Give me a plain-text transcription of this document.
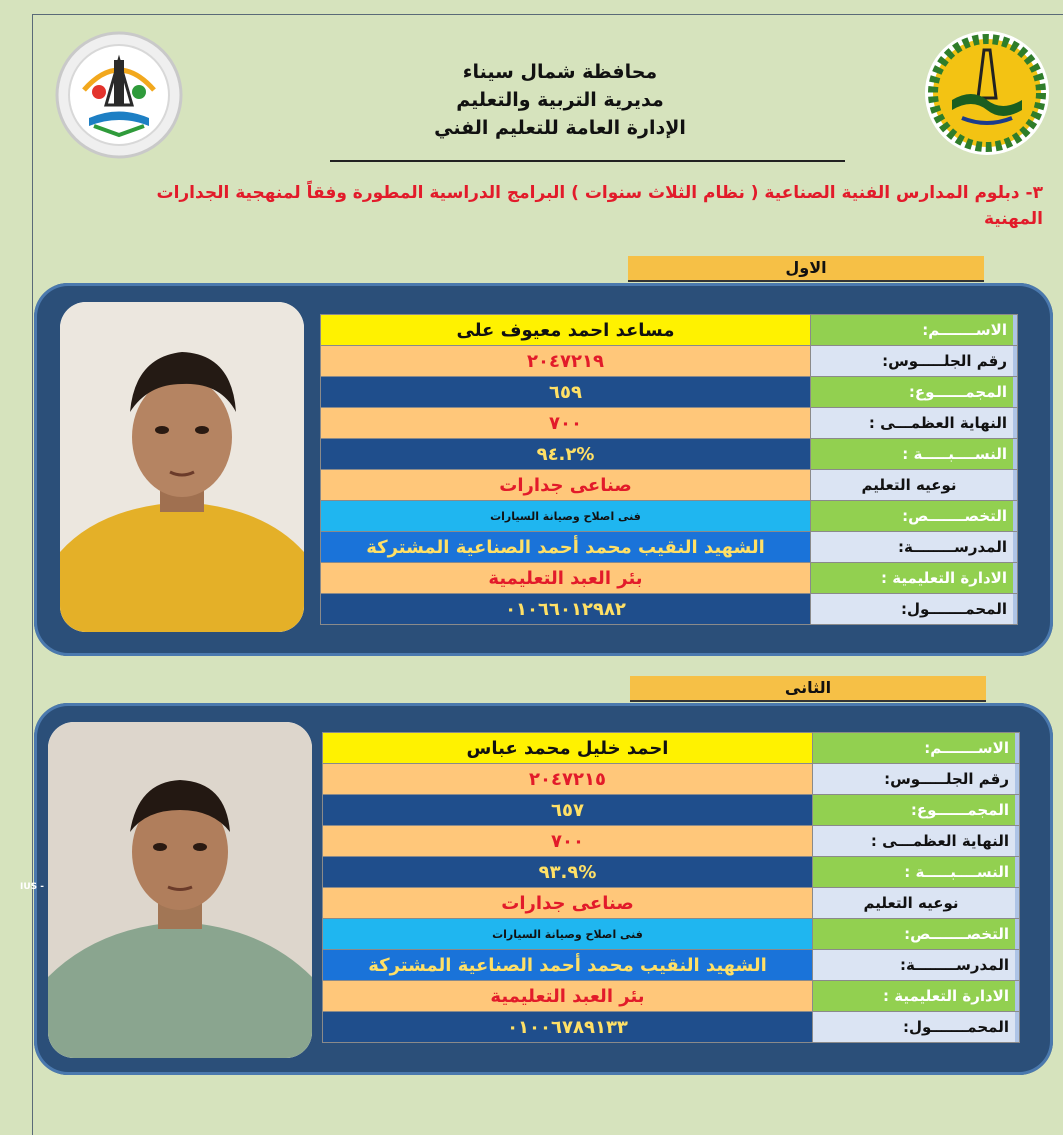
محافظة شمال سيناء
مديرية التربية والتعليم
الإدارة العامة للتعليم الفني
٣- دبلوم المدارس الفنية الصناعية ( نظام الثلاث سنوات ) البرامج الدراسية المطورة وفقاً لمنهجية الجدارات المهنية
الاول
الاســـــــم:	مساعد احمد معيوف على
رقم الجلـــــوس:	٢٠٤٧٢١٩
المجمــــــوع:	٦٥٩
النهاية العظمـــى :	٧٠٠
النســــبـــــة :	%٩٤.٢
نوعيه التعليم	صناعى جدارات
التخصـــــــص:	فنى اصلاح وصيانة السيارات
المدرســــــــة:	الشهيد النقيب محمد أحمد الصناعية المشتركة
الادارة التعليمية :	بئر العبد التعليمية
المحمـــــــول:	٠١٠٦٦٠١٢٩٨٢
الثانى
الاســـــــم:	احمد خليل محمد عباس
رقم الجلـــــوس:	٢٠٤٧٢١٥
المجمــــــوع:	٦٥٧
النهاية العظمـــى :	٧٠٠
النســــبـــــة :	%٩٣.٩
نوعيه التعليم	صناعى جدارات
التخصـــــــص:	فنى اصلاح وصيانة السيارات
المدرســــــــة:	الشهيد النقيب محمد أحمد الصناعية المشتركة
الادارة التعليمية :	بئر العبد التعليمية
المحمـــــــول:	٠١٠٠٦٧٨٩١٣٣
IUS -
